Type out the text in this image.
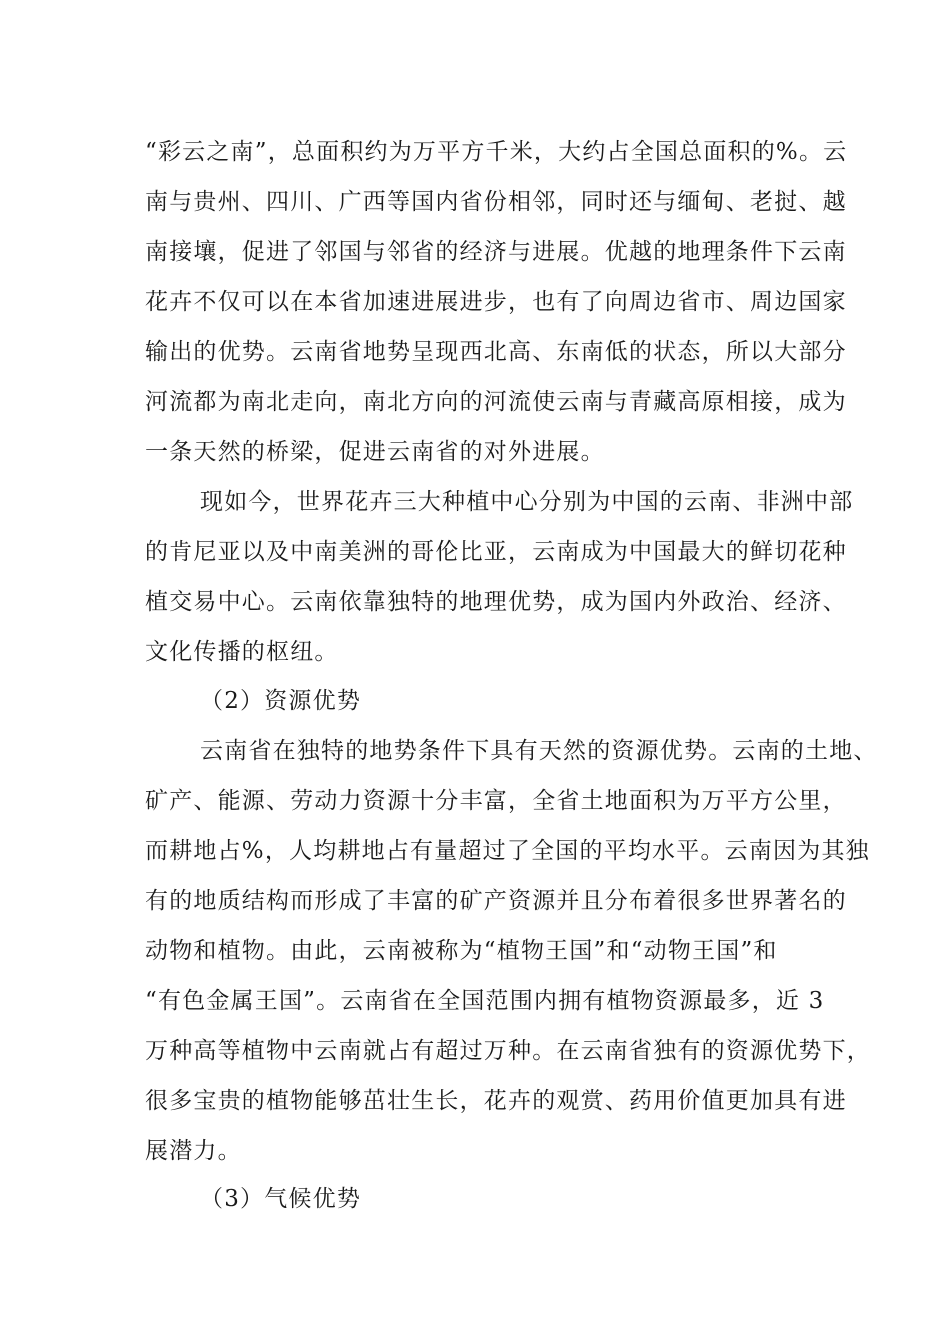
“彩云之南”，总面积约为万平方千米，大约占全国总面积的%。云
南与贵州、四川、广西等国内省份相邻，同时还与缅甸、老挝、越
南接壤，促进了邻国与邻省的经济与进展。优越的地理条件下云南
花卉不仅可以在本省加速进展进步，也有了向周边省市、周边国家
输出的优势。云南省地势呈现西北高、东南低的状态，所以大部分
河流都为南北走向，南北方向的河流使云南与青藏高原相接，成为
一条天然的桥梁，促进云南省的对外进展。
现如今，世界花卉三大种植中心分别为中国的云南、非洲中部
的肯尼亚以及中南美洲的哥伦比亚，云南成为中国最大的鲜切花种
植交易中心。云南依靠独特的地理优势，成为国内外政治、经济、
文化传播的枢纽。
（2）资源优势
云南省在独特的地势条件下具有天然的资源优势。云南的土地、
矿产、能源、劳动力资源十分丰富，全省土地面积为万平方公里，
而耕地占%，人均耕地占有量超过了全国的平均水平。云南因为其独
有的地质结构而形成了丰富的矿产资源并且分布着很多世界著名的
动物和植物。由此，云南被称为“植物王国”和“动物王国”和
“有色金属王国”。云南省在全国范围内拥有植物资源最多，近 3
万种高等植物中云南就占有超过万种。在云南省独有的资源优势下，
很多宝贵的植物能够茁壮生长，花卉的观赏、药用价值更加具有进
展潜力。
（3）气候优势
